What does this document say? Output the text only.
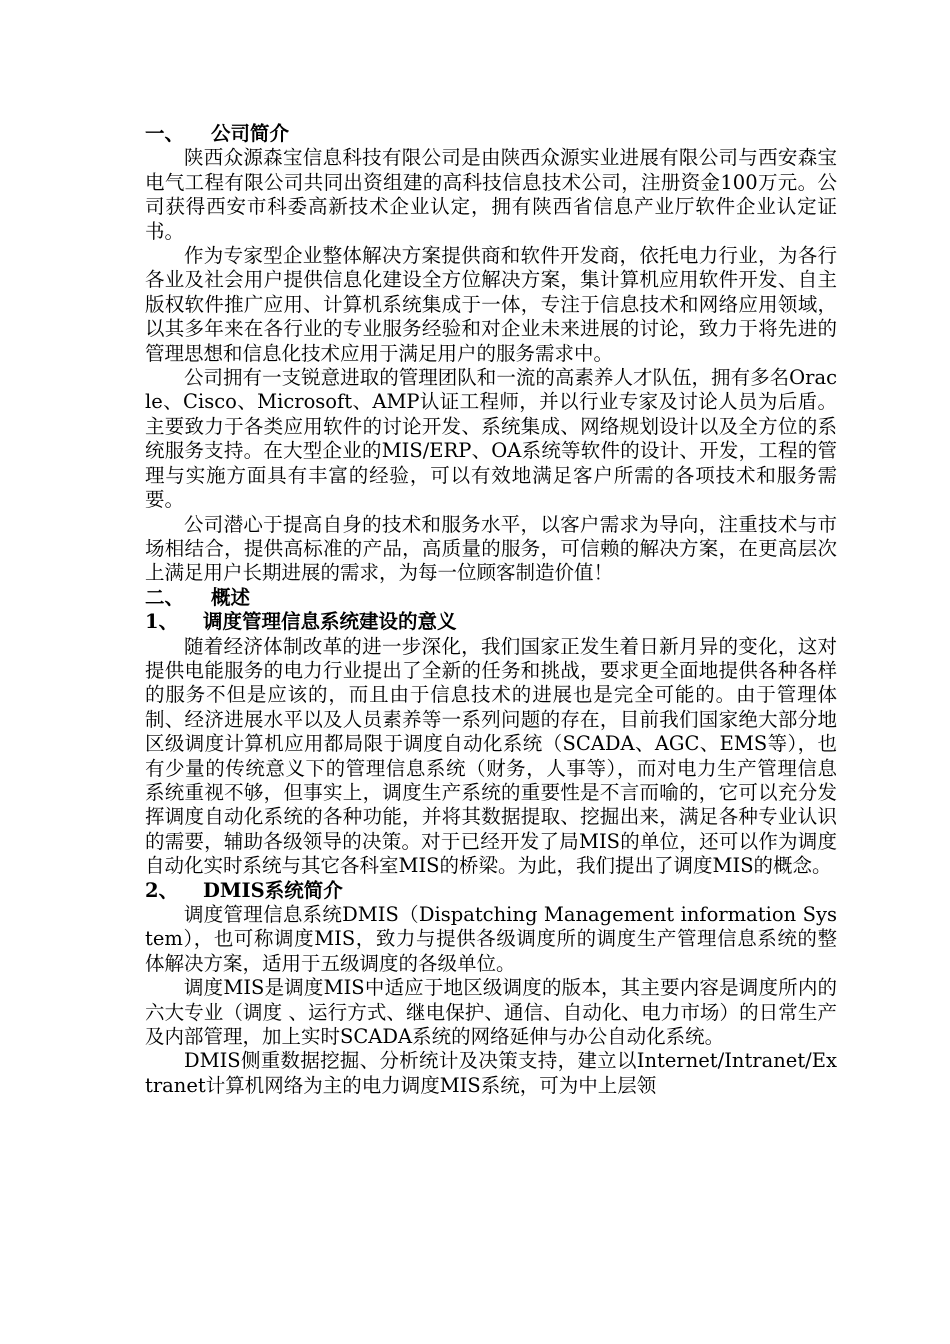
一、 公司简介

陕西众源森宝信息科技有限公司是由陕西众源实业进展有限公司与西安森宝电气工程有限公司共同出资组建的高科技信息技术公司，注册资金100万元。公司获得西安市科委高新技术企业认定，拥有陕西省信息产业厅软件企业认定证书。

作为专家型企业整体解决方案提供商和软件开发商，依托电力行业，为各行各业及社会用户提供信息化建设全方位解决方案，集计算机应用软件开发、自主版权软件推广应用、计算机系统集成于一体，专注于信息技术和网络应用领域，以其多年来在各行业的专业服务经验和对企业未来进展的讨论，致力于将先进的管理思想和信息化技术应用于满足用户的服务需求中。

公司拥有一支锐意进取的管理团队和一流的高素养人才队伍，拥有多名Oracle、Cisco、Microsoft、AMP认证工程师，并以行业专家及讨论人员为后盾。主要致力于各类应用软件的讨论开发、系统集成、网络规划设计以及全方位的系统服务支持。在大型企业的MIS/ERP、OA系统等软件的设计、开发，工程的管理与实施方面具有丰富的经验，可以有效地满足客户所需的各项技术和服务需要。

公司潜心于提高自身的技术和服务水平，以客户需求为导向，注重技术与市场相结合，提供高标准的产品，高质量的服务，可信赖的解决方案，在更高层次上满足用户长期进展的需求，为每一位顾客制造价值！

二、 概述

1、 调度管理信息系统建设的意义

随着经济体制改革的进一步深化，我们国家正发生着日新月异的变化，这对提供电能服务的电力行业提出了全新的任务和挑战，要求更全面地提供各种各样的服务不但是应该的，而且由于信息技术的进展也是完全可能的。由于管理体制、经济进展水平以及人员素养等一系列问题的存在，目前我们国家绝大部分地区级调度计算机应用都局限于调度自动化系统（SCADA、AGC、EMS等），也有少量的传统意义下的管理信息系统（财务，人事等），而对电力生产管理信息系统重视不够，但事实上，调度生产系统的重要性是不言而喻的，它可以充分发挥调度自动化系统的各种功能，并将其数据提取、挖掘出来，满足各种专业认识的需要，辅助各级领导的决策。对于已经开发了局MIS的单位，还可以作为调度自动化实时系统与其它各科室MIS的桥梁。为此，我们提出了调度MIS的概念。

2、 DMIS系统简介

调度管理信息系统DMIS（Dispatching Management information System），也可称调度MIS，致力与提供各级调度所的调度生产管理信息系统的整体解决方案，适用于五级调度的各级单位。

调度MIS是调度MIS中适应于地区级调度的版本，其主要内容是调度所内的六大专业（调度 、运行方式、继电保护、通信、自动化、电力市场）的日常生产及内部管理，加上实时SCADA系统的网络延伸与办公自动化系统。

DMIS侧重数据挖掘、分析统计及决策支持，建立以Internet/Intranet/Extranet计算机网络为主的电力调度MIS系统，可为中上层领
